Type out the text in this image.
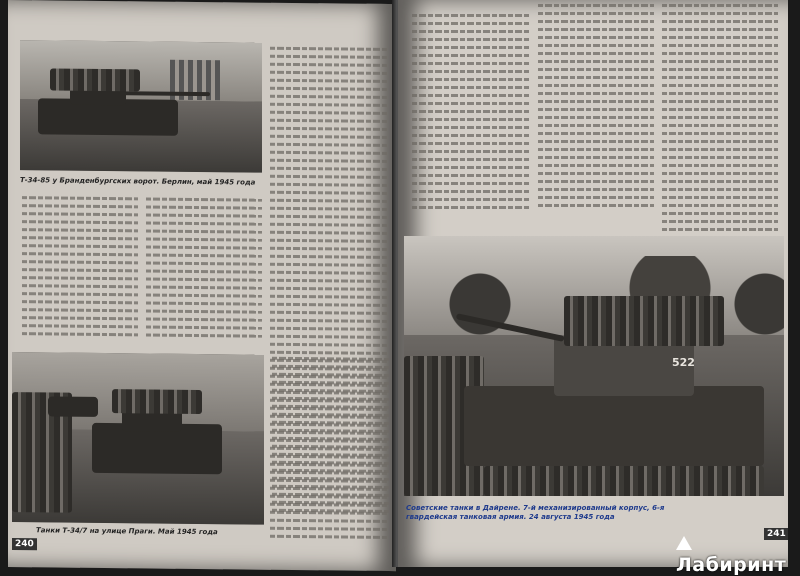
Т-34-85 у Бранденбургских ворот. Берлин, май 1945 года
Танки Т-34/7 на улице Праги. Май 1945 года
240
522
Советские танки в Дайрене. 7-й механизированный корпус, 6-я гвардейская танковая армия. 24 августа 1945 года
241
Лабиринт
